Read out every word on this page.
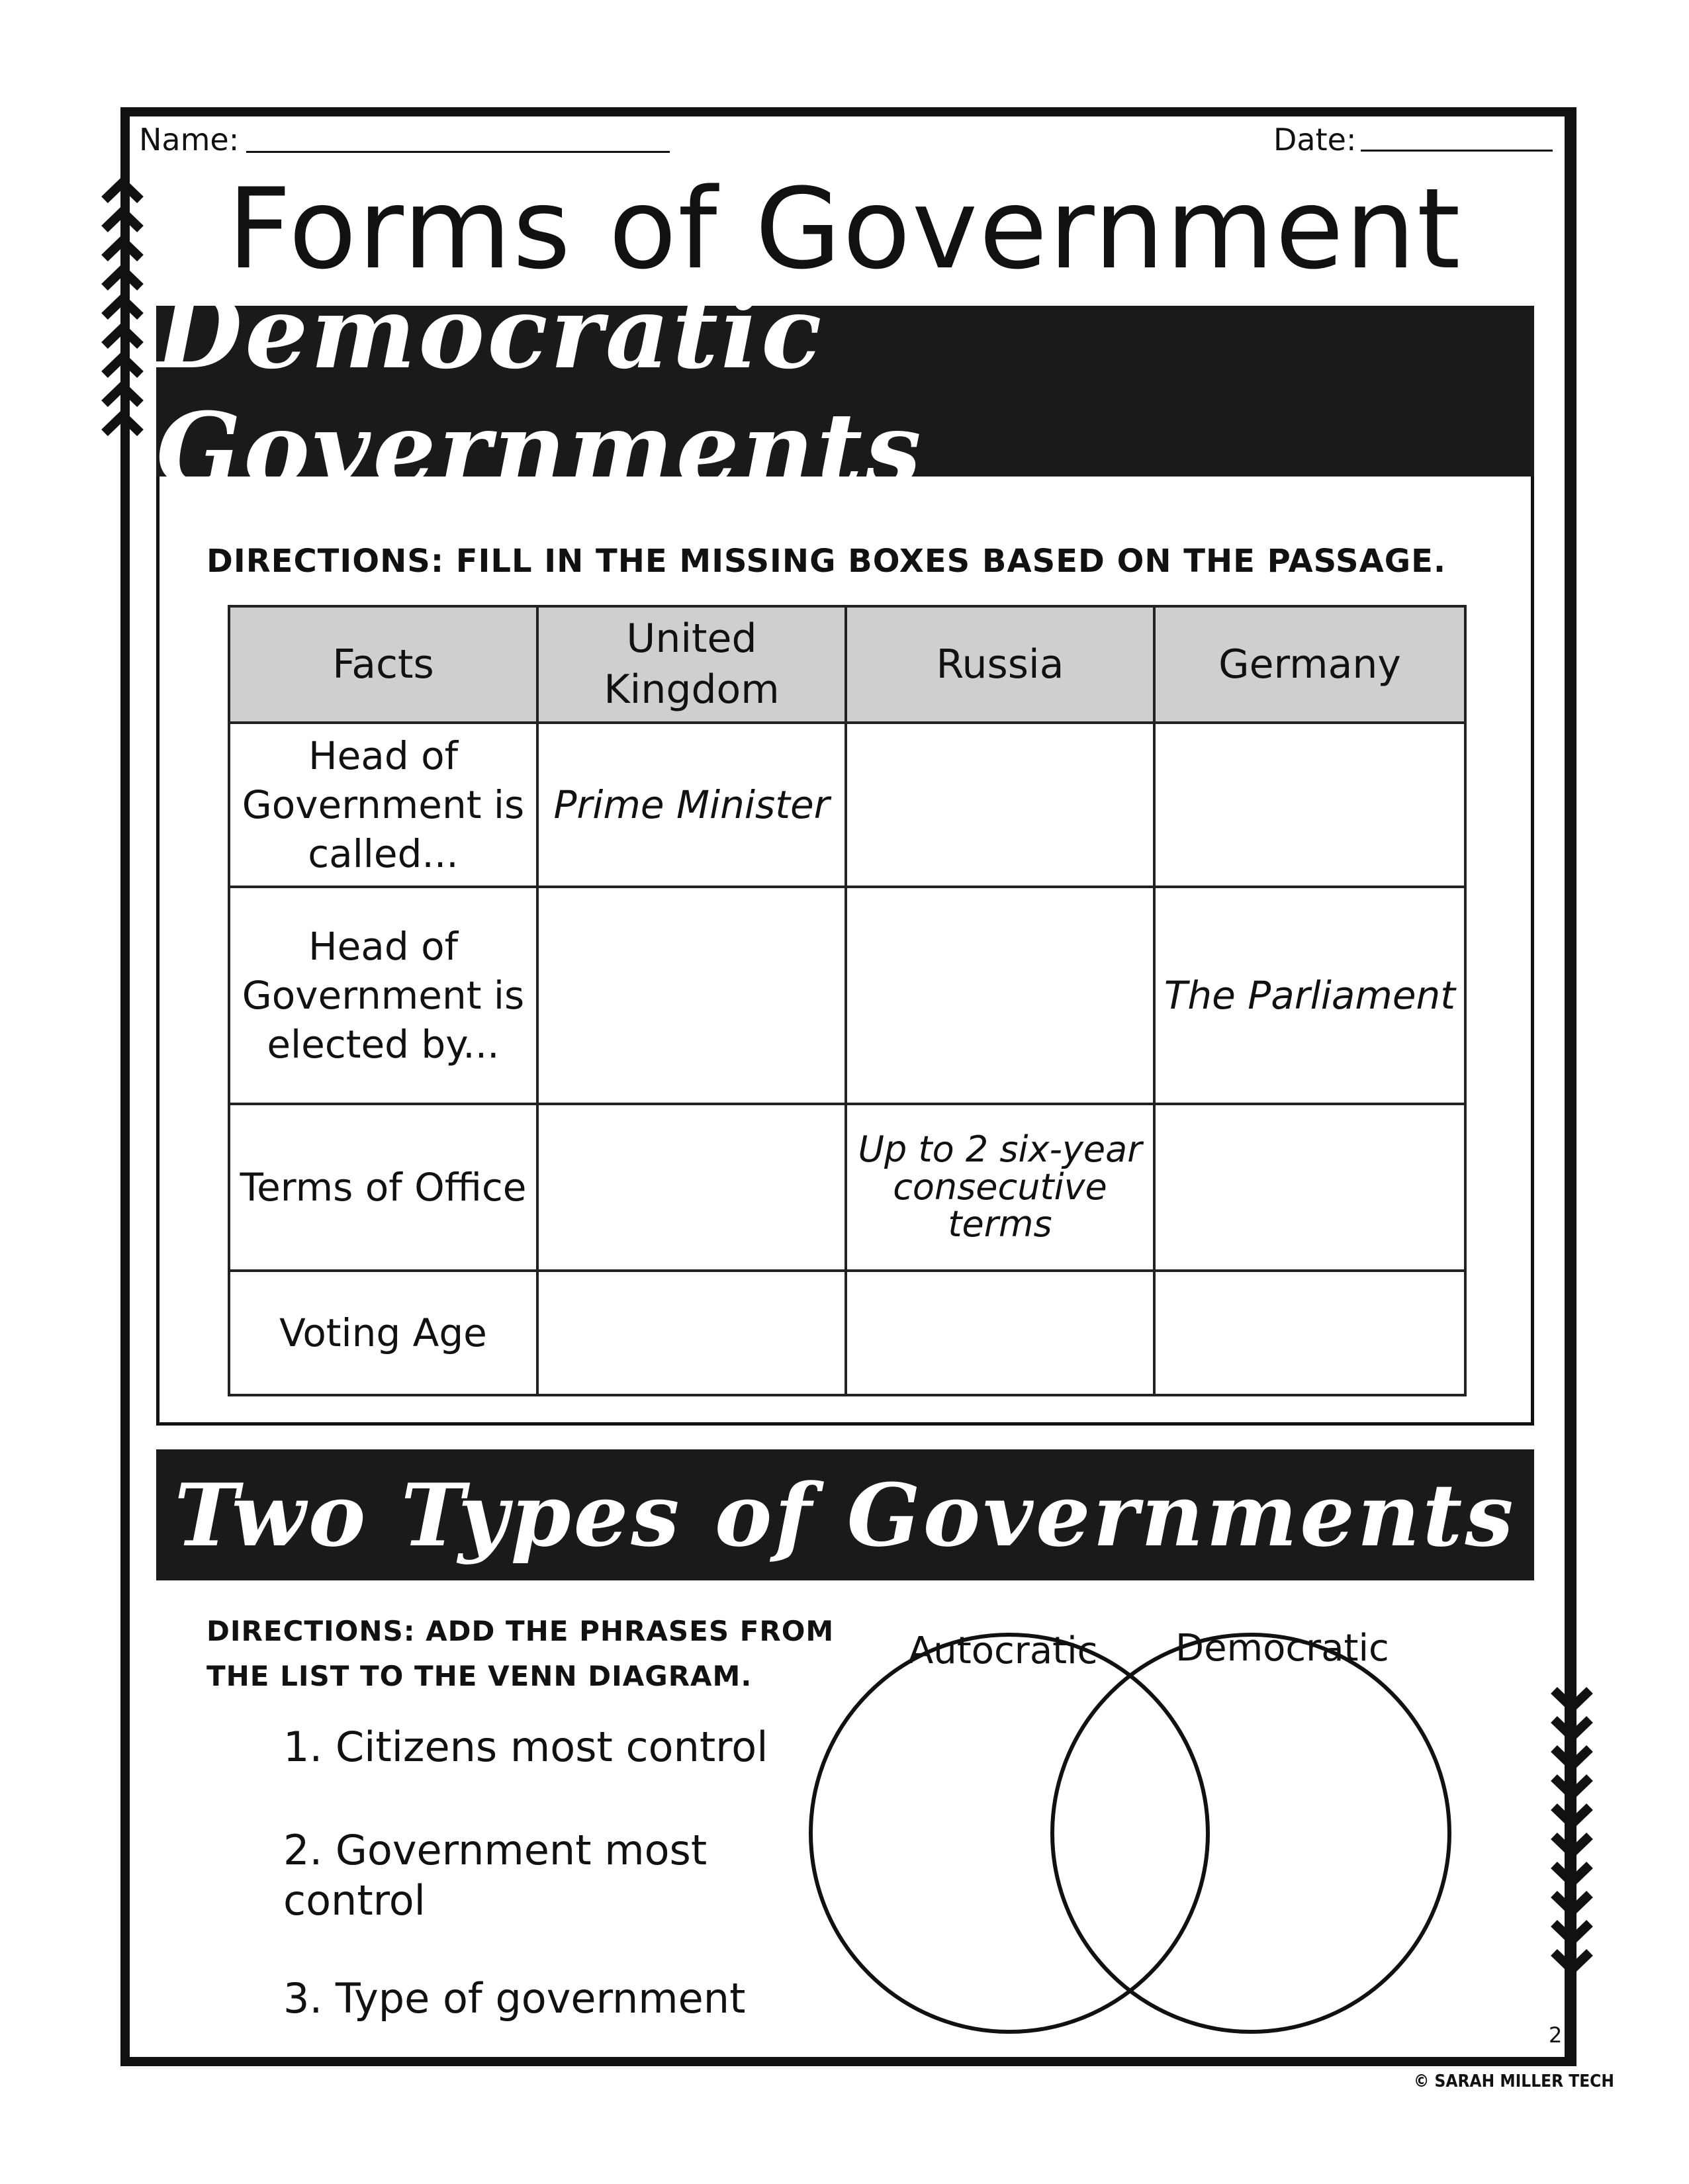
Name:	Date:
Forms of Government
Democratic Governments
DIRECTIONS: FILL IN THE MISSING BOXES BASED ON THE PASSAGE.
Facts	United Kingdom	Russia	Germany
Head of Government is called...	Prime Minister		
Head of Government is elected by...			The Parliament
Terms of Office		Up to 2 six-year consecutive terms	
Voting Age			
Two Types of Governments
DIRECTIONS: ADD THE PHRASES FROM
THE LIST TO THE VENN DIAGRAM.
1. Citizens most control
2. Government most control
3. Type of government
Autocratic Democratic
2
© SARAH MILLER TECH
